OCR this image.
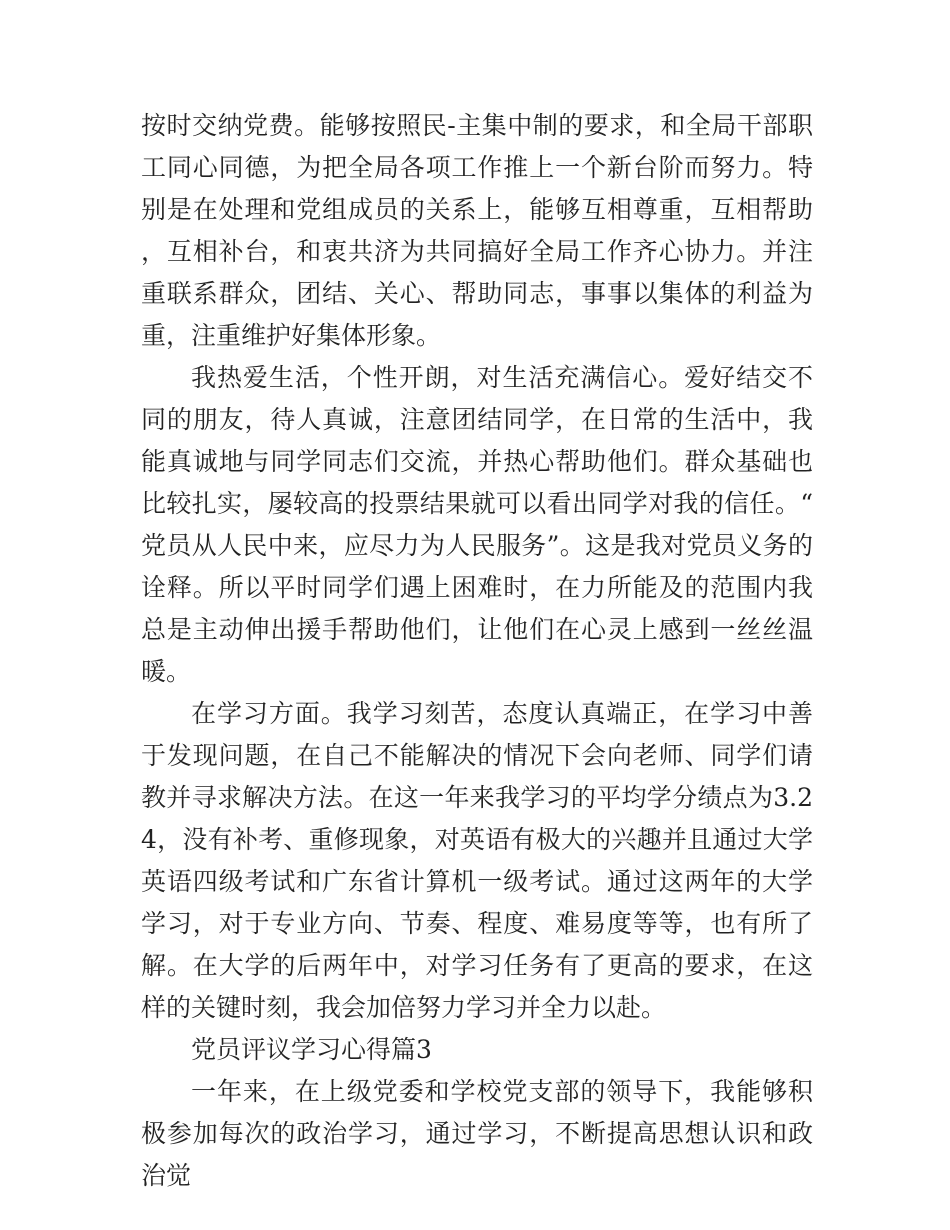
按时交纳党费。能够按照民-主集中制的要求，和全局干部职工同心同德，为把全局各项工作推上一个新台阶而努力。特别是在处理和党组成员的关系上，能够互相尊重，互相帮助，互相补台，和衷共济为共同搞好全局工作齐心协力。并注重联系群众，团结、关心、帮助同志，事事以集体的利益为重，注重维护好集体形象。

我热爱生活，个性开朗，对生活充满信心。爱好结交不同的朋友，待人真诚，注意团结同学，在日常的生活中，我能真诚地与同学同志们交流，并热心帮助他们。群众基础也比较扎实，屡较高的投票结果就可以看出同学对我的信任。“党员从人民中来，应尽力为人民服务”。这是我对党员义务的诠释。所以平时同学们遇上困难时，在力所能及的范围内我总是主动伸出援手帮助他们，让他们在心灵上感到一丝丝温暖。

在学习方面。我学习刻苦，态度认真端正，在学习中善于发现问题，在自己不能解决的情况下会向老师、同学们请教并寻求解决方法。在这一年来我学习的平均学分绩点为3.24，没有补考、重修现象，对英语有极大的兴趣并且通过大学英语四级考试和广东省计算机一级考试。通过这两年的大学学习，对于专业方向、节奏、程度、难易度等等，也有所了解。在大学的后两年中，对学习任务有了更高的要求，在这样的关键时刻，我会加倍努力学习并全力以赴。

党员评议学习心得篇3

一年来，在上级党委和学校党支部的领导下，我能够积极参加每次的政治学习，通过学习，不断提高思想认识和政治觉
